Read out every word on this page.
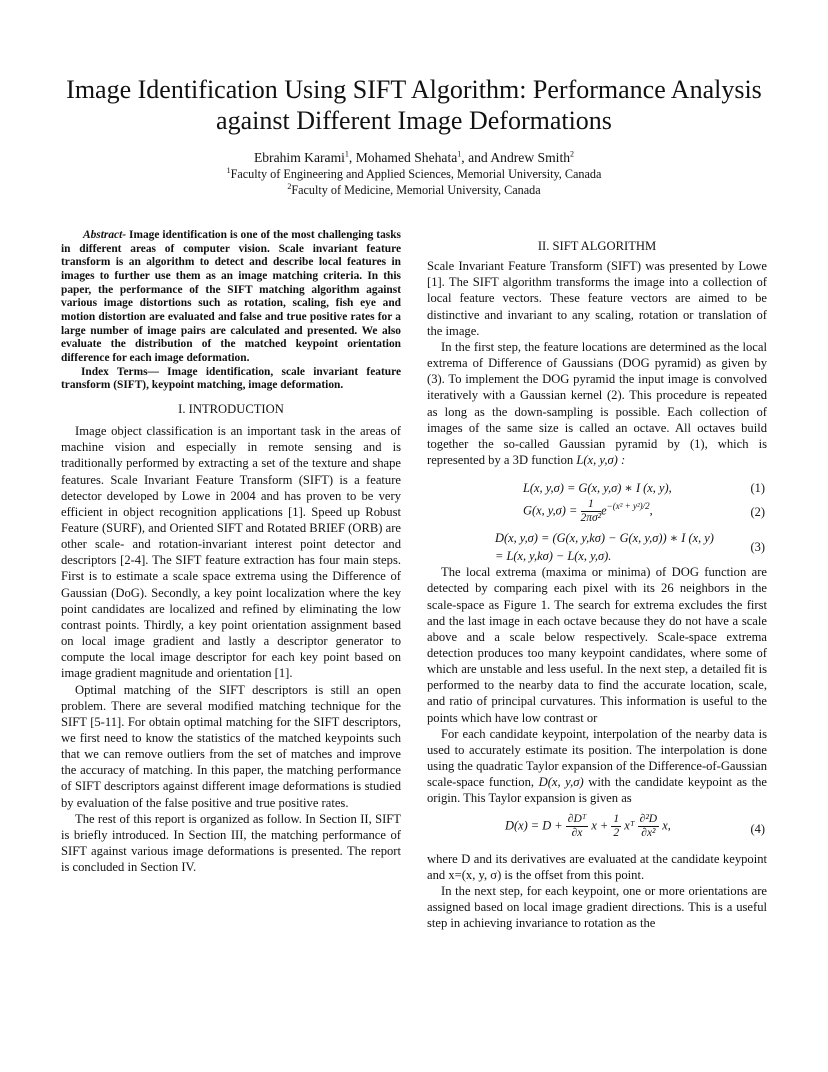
Image Identification Using SIFT Algorithm: Performance Analysis against Different Image Deformations
Ebrahim Karami$^1$, Mohamed Shehata$^1$, and Andrew Smith$^2$
$^1$Faculty of Engineering and Applied Sciences, Memorial University, Canada
$^2$Faculty of Medicine, Memorial University, Canada

Abstract- Image identification is one of the most challenging tasks in different areas of computer vision. Scale invariant feature transform is an algorithm to detect and describe local features in images to further use them as an image matching criteria. In this paper, the performance of the SIFT matching algorithm against various image distortions such as rotation, scaling, fish eye and motion distortion are evaluated and false and true positive rates for a large number of image pairs are calculated and presented. We also evaluate the distribution of the matched keypoint orientation difference for each image deformation.

Index Terms— Image identification, scale invariant feature transform (SIFT), keypoint matching, image deformation.

I. INTRODUCTION

Image object classification is an important task in the areas of machine vision and especially in remote sensing and is traditionally performed by extracting a set of the texture and shape features. Scale Invariant Feature Transform (SIFT) is a feature detector developed by Lowe in 2004 and has proven to be very efficient in object recognition applications [1]. Speed up Robust Feature (SURF), and Oriented SIFT and Rotated BRIEF (ORB) are other scale- and rotation-invariant interest point detector and descriptors [2-4]. The SIFT feature extraction has four main steps. First is to estimate a scale space extrema using the Difference of Gaussian (DoG). Secondly, a key point localization where the key point candidates are localized and refined by eliminating the low contrast points. Thirdly, a key point orientation assignment based on local image gradient and lastly a descriptor generator to compute the local image descriptor for each key point based on image gradient magnitude and orientation [1].

Optimal matching of the SIFT descriptors is still an open problem. There are several modified matching technique for the SIFT [5-11]. For obtain optimal matching for the SIFT descriptors, we first need to know the statistics of the matched keypoints such that we can remove outliers from the set of matches and improve the accuracy of matching. In this paper, the matching performance of SIFT descriptors against different image deformations is studied by evaluation of the false positive and true positive rates.

The rest of this report is organized as follow. In Section II, SIFT is briefly introduced. In Section III, the matching performance of SIFT against various image deformations is presented. The report is concluded in Section IV.

II. SIFT ALGORITHM

Scale Invariant Feature Transform (SIFT) was presented by Lowe [1]. The SIFT algorithm transforms the image into a collection of local feature vectors. These feature vectors are aimed to be distinctive and invariant to any scaling, rotation or translation of the image.

In the first step, the feature locations are determined as the local extrema of Difference of Gaussians (DOG pyramid) as given by (3). To implement the DOG pyramid the input image is convolved iteratively with a Gaussian kernel (2). This procedure is repeated as long as the down-sampling is possible. Each collection of images of the same size is called an octave. All octaves build together the so-called Gaussian pyramid by (1), which is represented by a 3D function L(x, y,σ) :

L(x, y,σ) = G(x, y,σ) ∗ I (x, y),	(1)
G(x, $y,\sigma) = \frac{1}{\text{2πσ²}} e^{-(x^2 + y^2)/2}$,	(2)
D(x, y,σ) = (G(x, y,kσ) − G(x, y,σ)) ∗ I (x, y)
= L(x, y,kσ) − L(x, y,σ).
(3)

The local extrema (maxima or minima) of DOG function are detected by comparing each pixel with its 26 neighbors in the scale-space as Figure 1. The search for extrema excludes the first and the last image in each octave because they do not have a scale above and a scale below respectively. Scale-space extrema detection produces too many keypoint candidates, where some of which are unstable and less useful. In the next step, a detailed fit is performed to the nearby data to find the accurate location, scale, and ratio of principal curvatures. This information is useful to the points which have low contrast or

For each candidate keypoint, interpolation of the nearby data is used to accurately estimate its position. The interpolation is done using the quadratic Taylor expansion of the Difference-of-Gaussian scale-space function, D(x, y,σ) with the candidate keypoint as the origin. This Taylor expansion is given as

$D(x) = D + \frac{\text{∂Dᵀ}}{\partial x}$ $x + \frac{1}{2}$ xᵀ $\frac{\text{∂²D}}{\text{∂x²}} x$,	(4)

where D and its derivatives are evaluated at the candidate keypoint and x=(x, y, σ) is the offset from this point.

In the next step, for each keypoint, one or more orientations are assigned based on local image gradient directions. This is a useful step in achieving invariance to rotation as the
